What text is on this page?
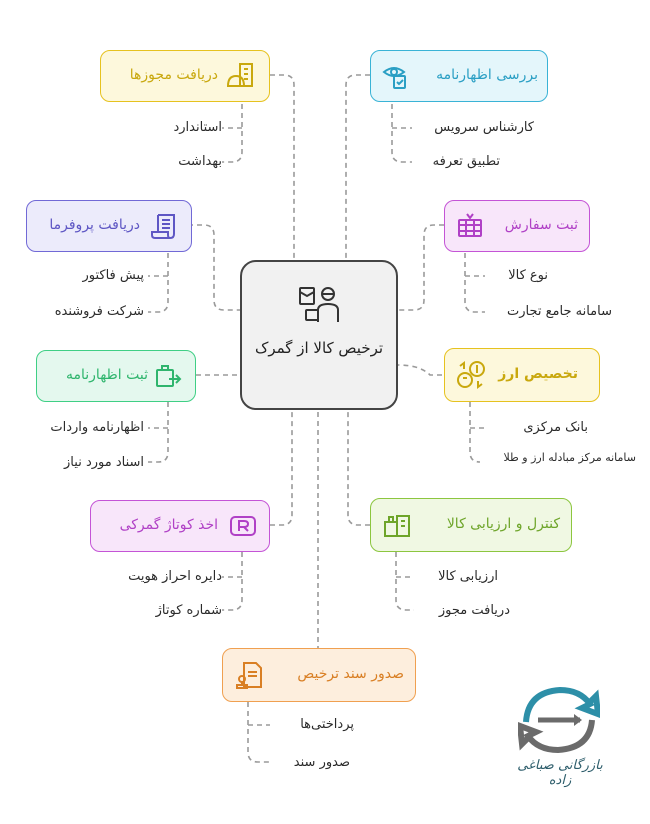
ترخیص کالا از گمرک
بررسی اظهارنامه
کارشناس سرویس
تطبیق تعرفه
دریافت مجوزها
استاندارد
بهداشت
ثبت سفارش
نوع کالا
سامانه جامع تجارت
دریافت پروفرما
پیش فاکتور
شرکت فروشنده
تخصیص ارز
بانک مرکزی
سامانه مرکز مبادله ارز و طلا
ثبت اظهارنامه
اظهارنامه واردات
اسناد مورد نیاز
کنترل و ارزیابی کالا
ارزیابی کالا
دریافت مجوز
اخذ کوتاژ گمرکی
دایره احراز هویت
شماره کوتاژ
صدور سند ترخیص
پرداختی‌ها
صدور سند	بازرگانی صباغی زاده
